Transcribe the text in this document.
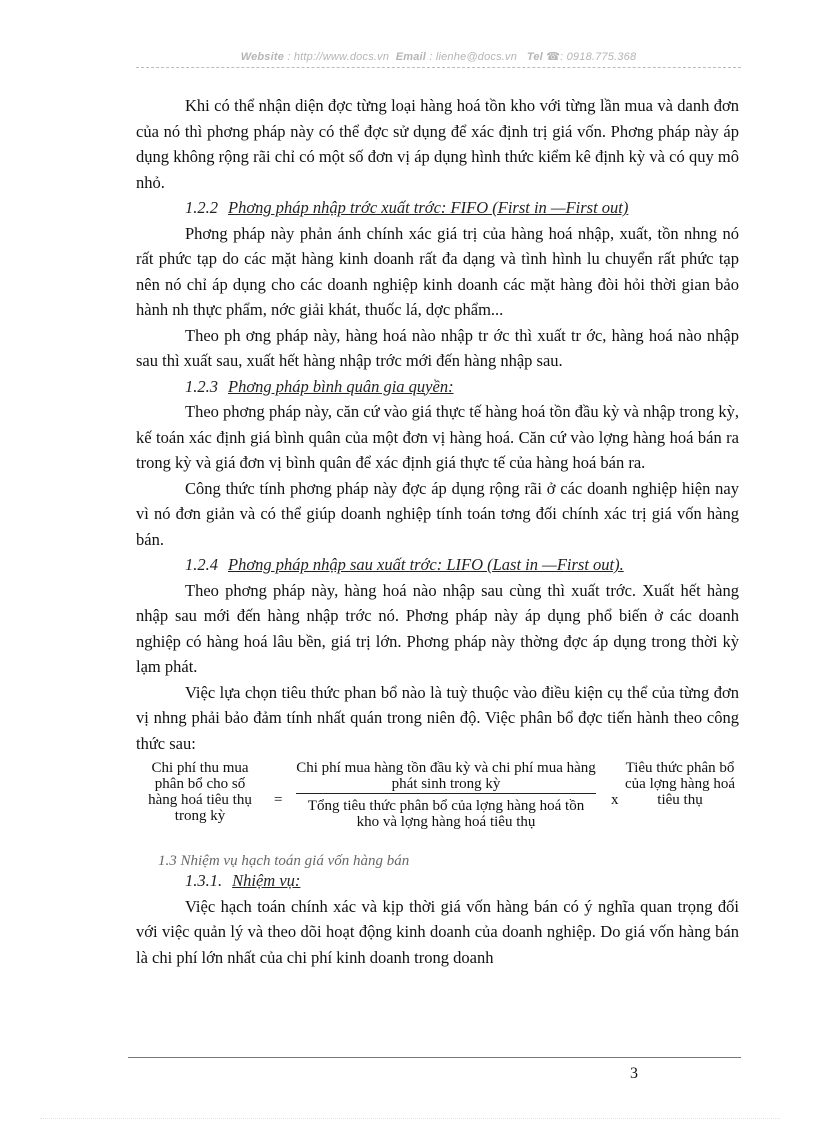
Website : http://www.docs.vn Email : lienhe@docs.vn Tel ☎: 0918.775.368

Khi có thể nhận diện đợc từng loại hàng hoá tồn kho với từng lần mua và danh đơn của nó thì phơng pháp này có thể đợc sử dụng để xác định trị giá vốn. Phơng pháp này áp dụng không rộng rãi chỉ có một số đơn vị áp dụng hình thức kiểm kê định kỳ và có quy mô nhỏ.

1.2.2 Phơng pháp nhập trớc xuất trớc: FIFO (First in —First out)

Phơng pháp này phản ánh chính xác giá trị của hàng hoá nhập, xuất, tồn nhng nó rất phức tạp do các mặt hàng kinh doanh rất đa dạng và tình hình lu chuyển rất phức tạp nên nó chỉ áp dụng cho các doanh nghiệp kinh doanh các mặt hàng đòi hỏi thời gian bảo hành nh thực phẩm, nớc giải khát, thuốc lá, dợc phẩm...

Theo ph ơng pháp này, hàng hoá nào nhập tr ớc thì xuất tr ớc, hàng hoá nào nhập sau thì xuất sau, xuất hết hàng nhập trớc mới đến hàng nhập sau.

1.2.3 Phơng pháp bình quân gia quyền:

Theo phơng pháp này, căn cứ vào giá thực tế hàng hoá tồn đầu kỳ và nhập trong kỳ, kế toán xác định giá bình quân của một đơn vị hàng hoá. Căn cứ vào lợng hàng hoá bán ra trong kỳ và giá đơn vị bình quân để xác định giá thực tế của hàng hoá bán ra.

Công thức tính phơng pháp này đợc áp dụng rộng rãi ở các doanh nghiệp hiện nay vì nó đơn giản và có thể giúp doanh nghiệp tính toán tơng đối chính xác trị giá vốn hàng bán.

1.2.4 Phơng pháp nhập sau xuất trớc: LIFO (Last in —First out).

Theo phơng pháp này, hàng hoá nào nhập sau cùng thì xuất trớc. Xuất hết hàng nhập sau mới đến hàng nhập trớc nó. Phơng pháp này áp dụng phổ biến ở các doanh nghiệp có hàng hoá lâu bền, giá trị lớn. Phơng pháp này thờng đợc áp dụng trong thời kỳ lạm phát.

Việc lựa chọn tiêu thức phan bổ nào là tuỳ thuộc vào điều kiện cụ thể của từng đơn vị nhng phải bảo đảm tính nhất quán trong niên độ. Việc phân bổ đợc tiến hành theo công thức sau:

Chi phí thu mua phân bổ cho số hàng hoá tiêu thụ trong kỳ
=
Chi phí mua hàng tồn đầu kỳ và chi phí mua hàng phát sinh trong kỳ
Tổng tiêu thức phân bổ của lợng hàng hoá tồn kho và lợng hàng hoá tiêu thụ
x
Tiêu thức phân bổ của lợng hàng hoá tiêu thụ
1.3 Nhiệm vụ hạch toán giá vốn hàng bán
1.3.1. Nhiệm vụ:

Việc hạch toán chính xác và kịp thời giá vốn hàng bán có ý nghĩa quan trọng đối với việc quản lý và theo dõi hoạt động kinh doanh của doanh nghiệp. Do giá vốn hàng bán là chi phí lớn nhất của chi phí kinh doanh trong doanh

3
